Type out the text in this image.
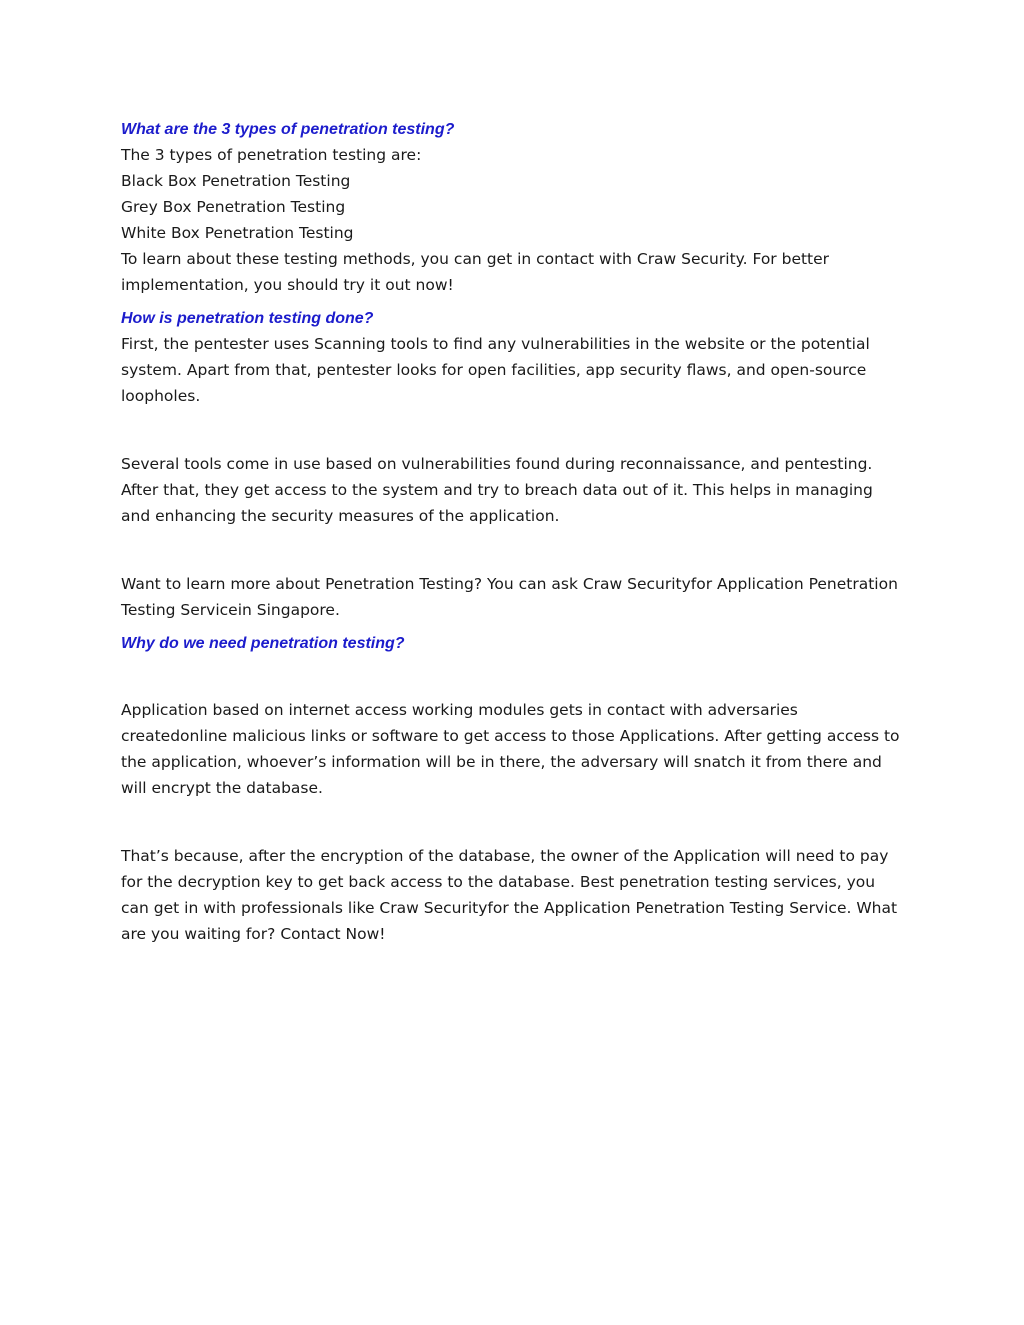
What are the 3 types of penetration testing?

The 3 types of penetration testing are:

Black Box Penetration Testing

Grey Box Penetration Testing

White Box Penetration Testing

To learn about these testing methods, you can get in contact with Craw Security. For better implementation, you should try it out now!

How is penetration testing done?

First, the pentester uses Scanning tools to find any vulnerabilities in the website or the potential system. Apart from that, pentester looks for open facilities, app security flaws, and open-source loopholes.

Several tools come in use based on vulnerabilities found during reconnaissance, and pentesting. After that, they get access to the system and try to breach data out of it. This helps in managing and enhancing the security measures of the application.

Want to learn more about Penetration Testing? You can ask Craw Securityfor Application Penetration Testing Servicein Singapore.

Why do we need penetration testing?

Application based on internet access working modules gets in contact with adversaries createdonline malicious links or software to get access to those Applications. After getting access to the application, whoever’s information will be in there, the adversary will snatch it from there and will encrypt the database.

That’s because, after the encryption of the database, the owner of the Application will need to pay for the decryption key to get back access to the database. Best penetration testing services, you can get in with professionals like Craw Securityfor the Application Penetration Testing Service. What are you waiting for? Contact Now!
